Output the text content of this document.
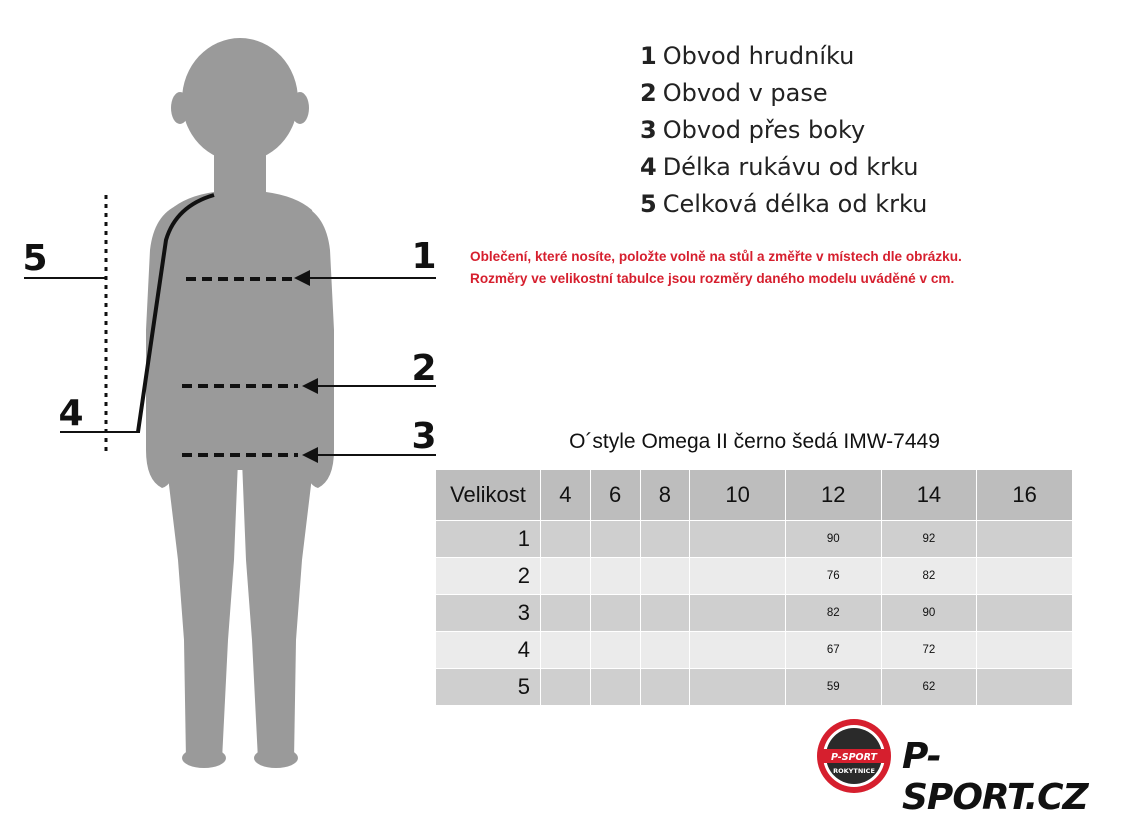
1
2
3
4
5
1 Obvod hrudníku
2 Obvod v pase
3 Obvod přes boky
4 Délka rukávu od krku
5 Celková délka od krku
Oblečení, které nosíte, položte volně na stůl a změřte v místech dle obrázku.
Rozměry ve velikostní tabulce jsou rozměry daného modelu uváděné v cm.
O´style Omega II černo šedá IMW-7449
Velikost	4	6	8	10	12	14	16
1					90	92	
2					76	82	
3					82	90	
4					67	72	
5					59	62	
P-SPORT
ROKYTNICE P-SPORT.CZ
